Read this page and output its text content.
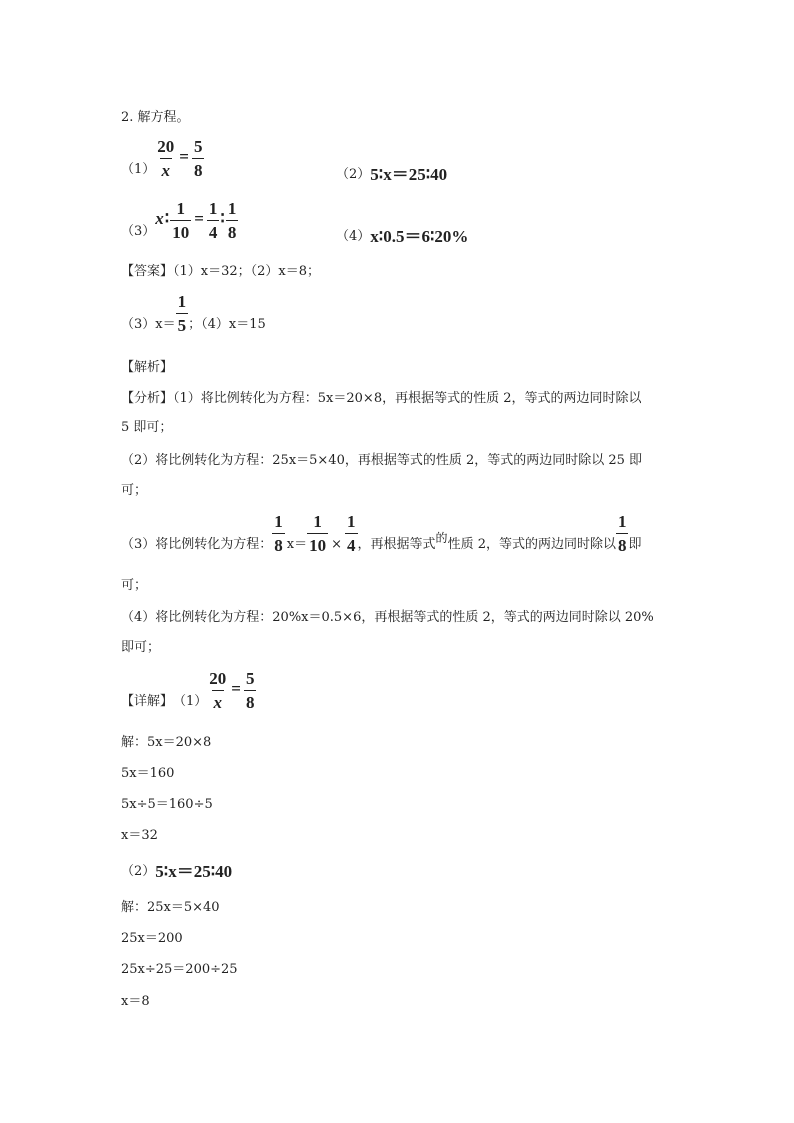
2. 解方程。
$(1) \frac{20}{x} = \frac{5}{8}$	（2） 5∶x＝25∶40
（3）
x ∶ $\frac{1}{10} = \frac{1}{4}$ ∶ $\frac{1}{8}$	（4） x∶0.5＝6∶20%
【答案】（1）x＝32；（2）x＝8；
$(3)x= \frac{1}{5}$ ；（4）x＝15
【解析】
【分析】（1）将比例转化为方程：5x＝20×8，再根据等式的性质 2，等式的两边同时除以
5 即可；
（2）将比例转化为方程：25x＝5×40，再根据等式的性质 2，等式的两边同时除以 25 即
可；
（3）将比例转化为方程： $\frac{1}{8} x= \frac{1}{10} \times \frac{1}{4}$ ，再根据等式 的 性质 2，等式的两边同时除以 $\frac{1}{8}$ 即
可；
（4）将比例转化为方程：20%x＝0.5×6，再根据等式的性质 2，等式的两边同时除以 20%
即可；
【详解】 $(1) \frac{20}{x} = \frac{5}{8}$
解：5x＝20×8
5x＝160
5x÷5＝160÷5
x＝32
（2） 5∶x＝25∶40
解：25x＝5×40
25x＝200
25x÷25＝200÷25
x＝8
